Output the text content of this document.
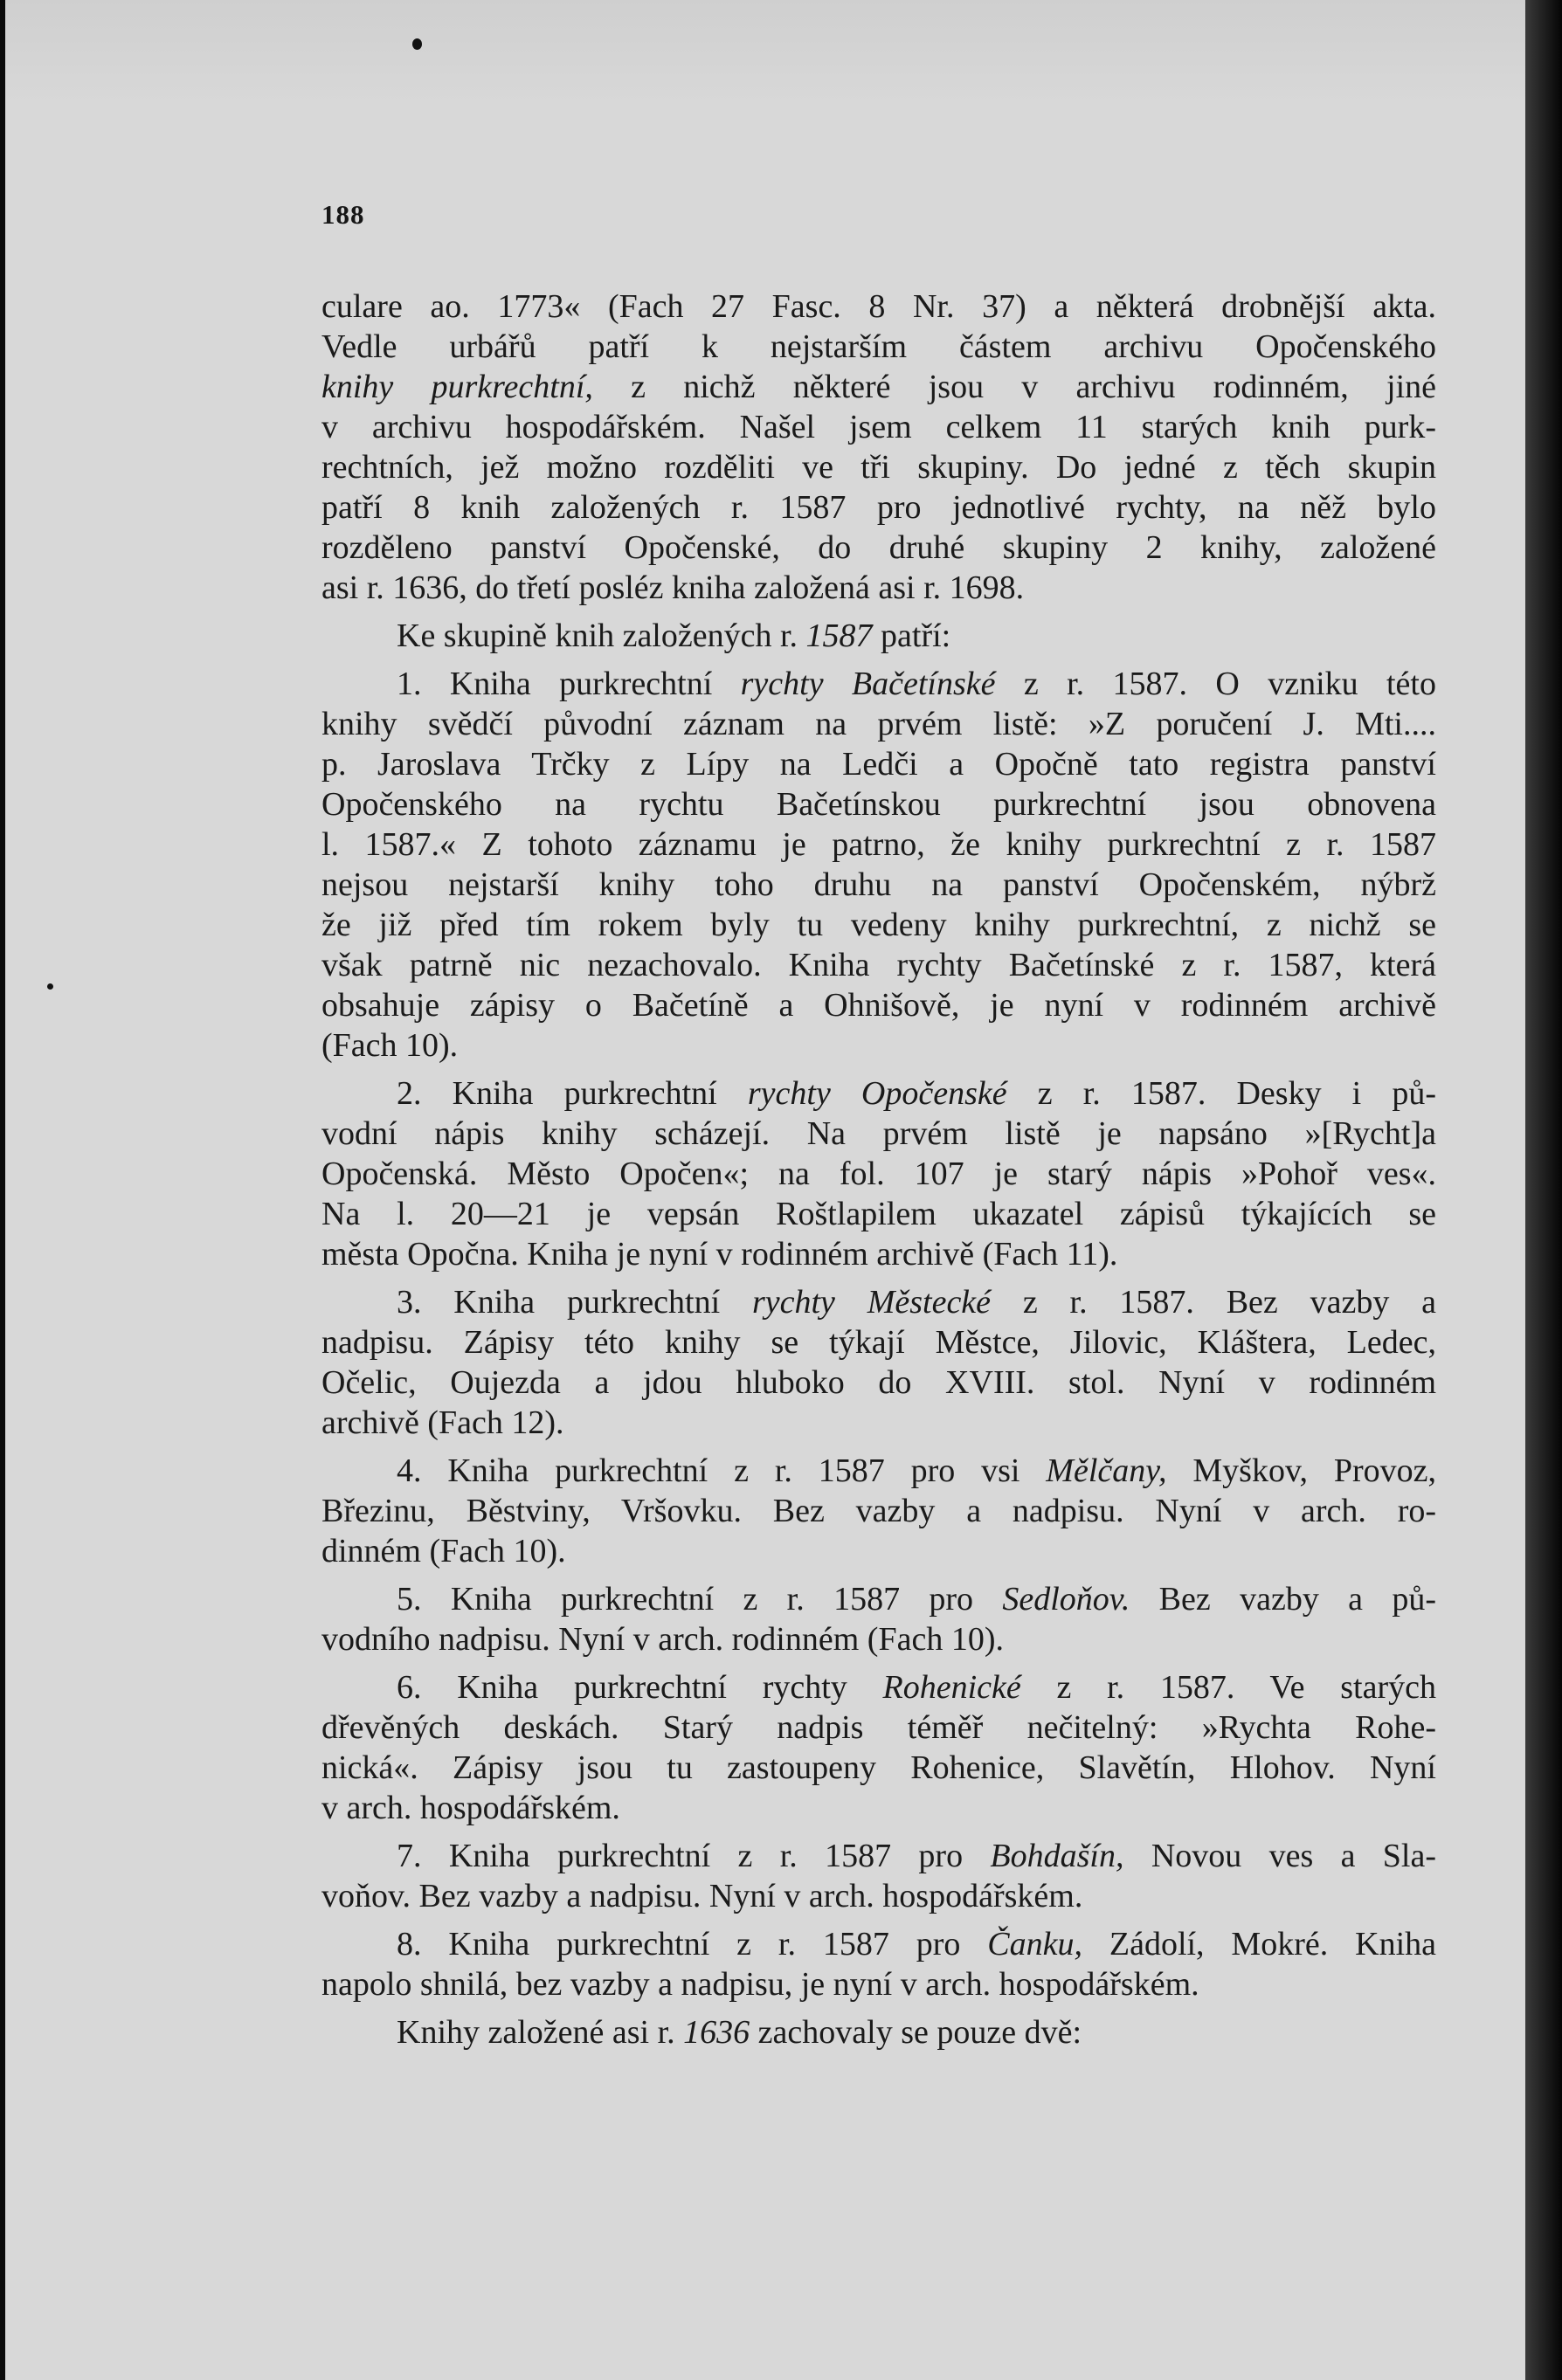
188
culare ao. 1773« (Fach 27 Fasc. 8 Nr. 37) a některá drobnější akta.
Vedle urbářů patří k nejstarším částem archivu Opočenského
knihy purkrechtní, z nichž některé jsou v archivu rodinném, jiné
v archivu hospodářském. Našel jsem celkem 11 starých knih purk-
rechtních, jež možno rozděliti ve tři skupiny. Do jedné z těch skupin
patří 8 knih založených r. 1587 pro jednotlivé rychty, na něž bylo
rozděleno panství Opočenské, do druhé skupiny 2 knihy, založené
asi r. 1636, do třetí posléz kniha založená asi r. 1698.
Ke skupině knih založených r. 1587 patří:
1. Kniha purkrechtní rychty Bačetínské z r. 1587. O vzniku této
knihy svědčí původní záznam na prvém listě: »Z poručení J. Mti....
p. Jaroslava Trčky z Lípy na Ledči a Opočně tato registra panství
Opočenského na rychtu Bačetínskou purkrechtní jsou obnovena
l. 1587.« Z tohoto záznamu je patrno, že knihy purkrechtní z r. 1587
nejsou nejstarší knihy toho druhu na panství Opočenském, nýbrž
že již před tím rokem byly tu vedeny knihy purkrechtní, z nichž se
však patrně nic nezachovalo. Kniha rychty Bačetínské z r. 1587, která
obsahuje zápisy o Bačetíně a Ohnišově, je nyní v rodinném archivě
(Fach 10).
2. Kniha purkrechtní rychty Opočenské z r. 1587. Desky i pů-
vodní nápis knihy scházejí. Na prvém listě je napsáno »[Rycht]a
Opočenská. Město Opočen«; na fol. 107 je starý nápis »Pohoř ves«.
Na l. 20—21 je vepsán Roštlapilem ukazatel zápisů týkajících se
města Opočna. Kniha je nyní v rodinném archivě (Fach 11).
3. Kniha purkrechtní rychty Městecké z r. 1587. Bez vazby a
nadpisu. Zápisy této knihy se týkají Městce, Jilovic, Kláštera, Ledec,
Očelic, Oujezda a jdou hluboko do XVIII. stol. Nyní v rodinném
archivě (Fach 12).
4. Kniha purkrechtní z r. 1587 pro vsi Mělčany, Myškov, Provoz,
Březinu, Běstviny, Vršovku. Bez vazby a nadpisu. Nyní v arch. ro-
dinném (Fach 10).
5. Kniha purkrechtní z r. 1587 pro Sedloňov. Bez vazby a pů-
vodního nadpisu. Nyní v arch. rodinném (Fach 10).
6. Kniha purkrechtní rychty Rohenické z r. 1587. Ve starých
dřevěných deskách. Starý nadpis téměř nečitelný: »Rychta Rohe-
nická«. Zápisy jsou tu zastoupeny Rohenice, Slavětín, Hlohov. Nyní
v arch. hospodářském.
7. Kniha purkrechtní z r. 1587 pro Bohdašín, Novou ves a Sla-
voňov. Bez vazby a nadpisu. Nyní v arch. hospodářském.
8. Kniha purkrechtní z r. 1587 pro Čanku, Zádolí, Mokré. Kniha
napolo shnilá, bez vazby a nadpisu, je nyní v arch. hospodářském.
Knihy založené asi r. 1636 zachovaly se pouze dvě:
